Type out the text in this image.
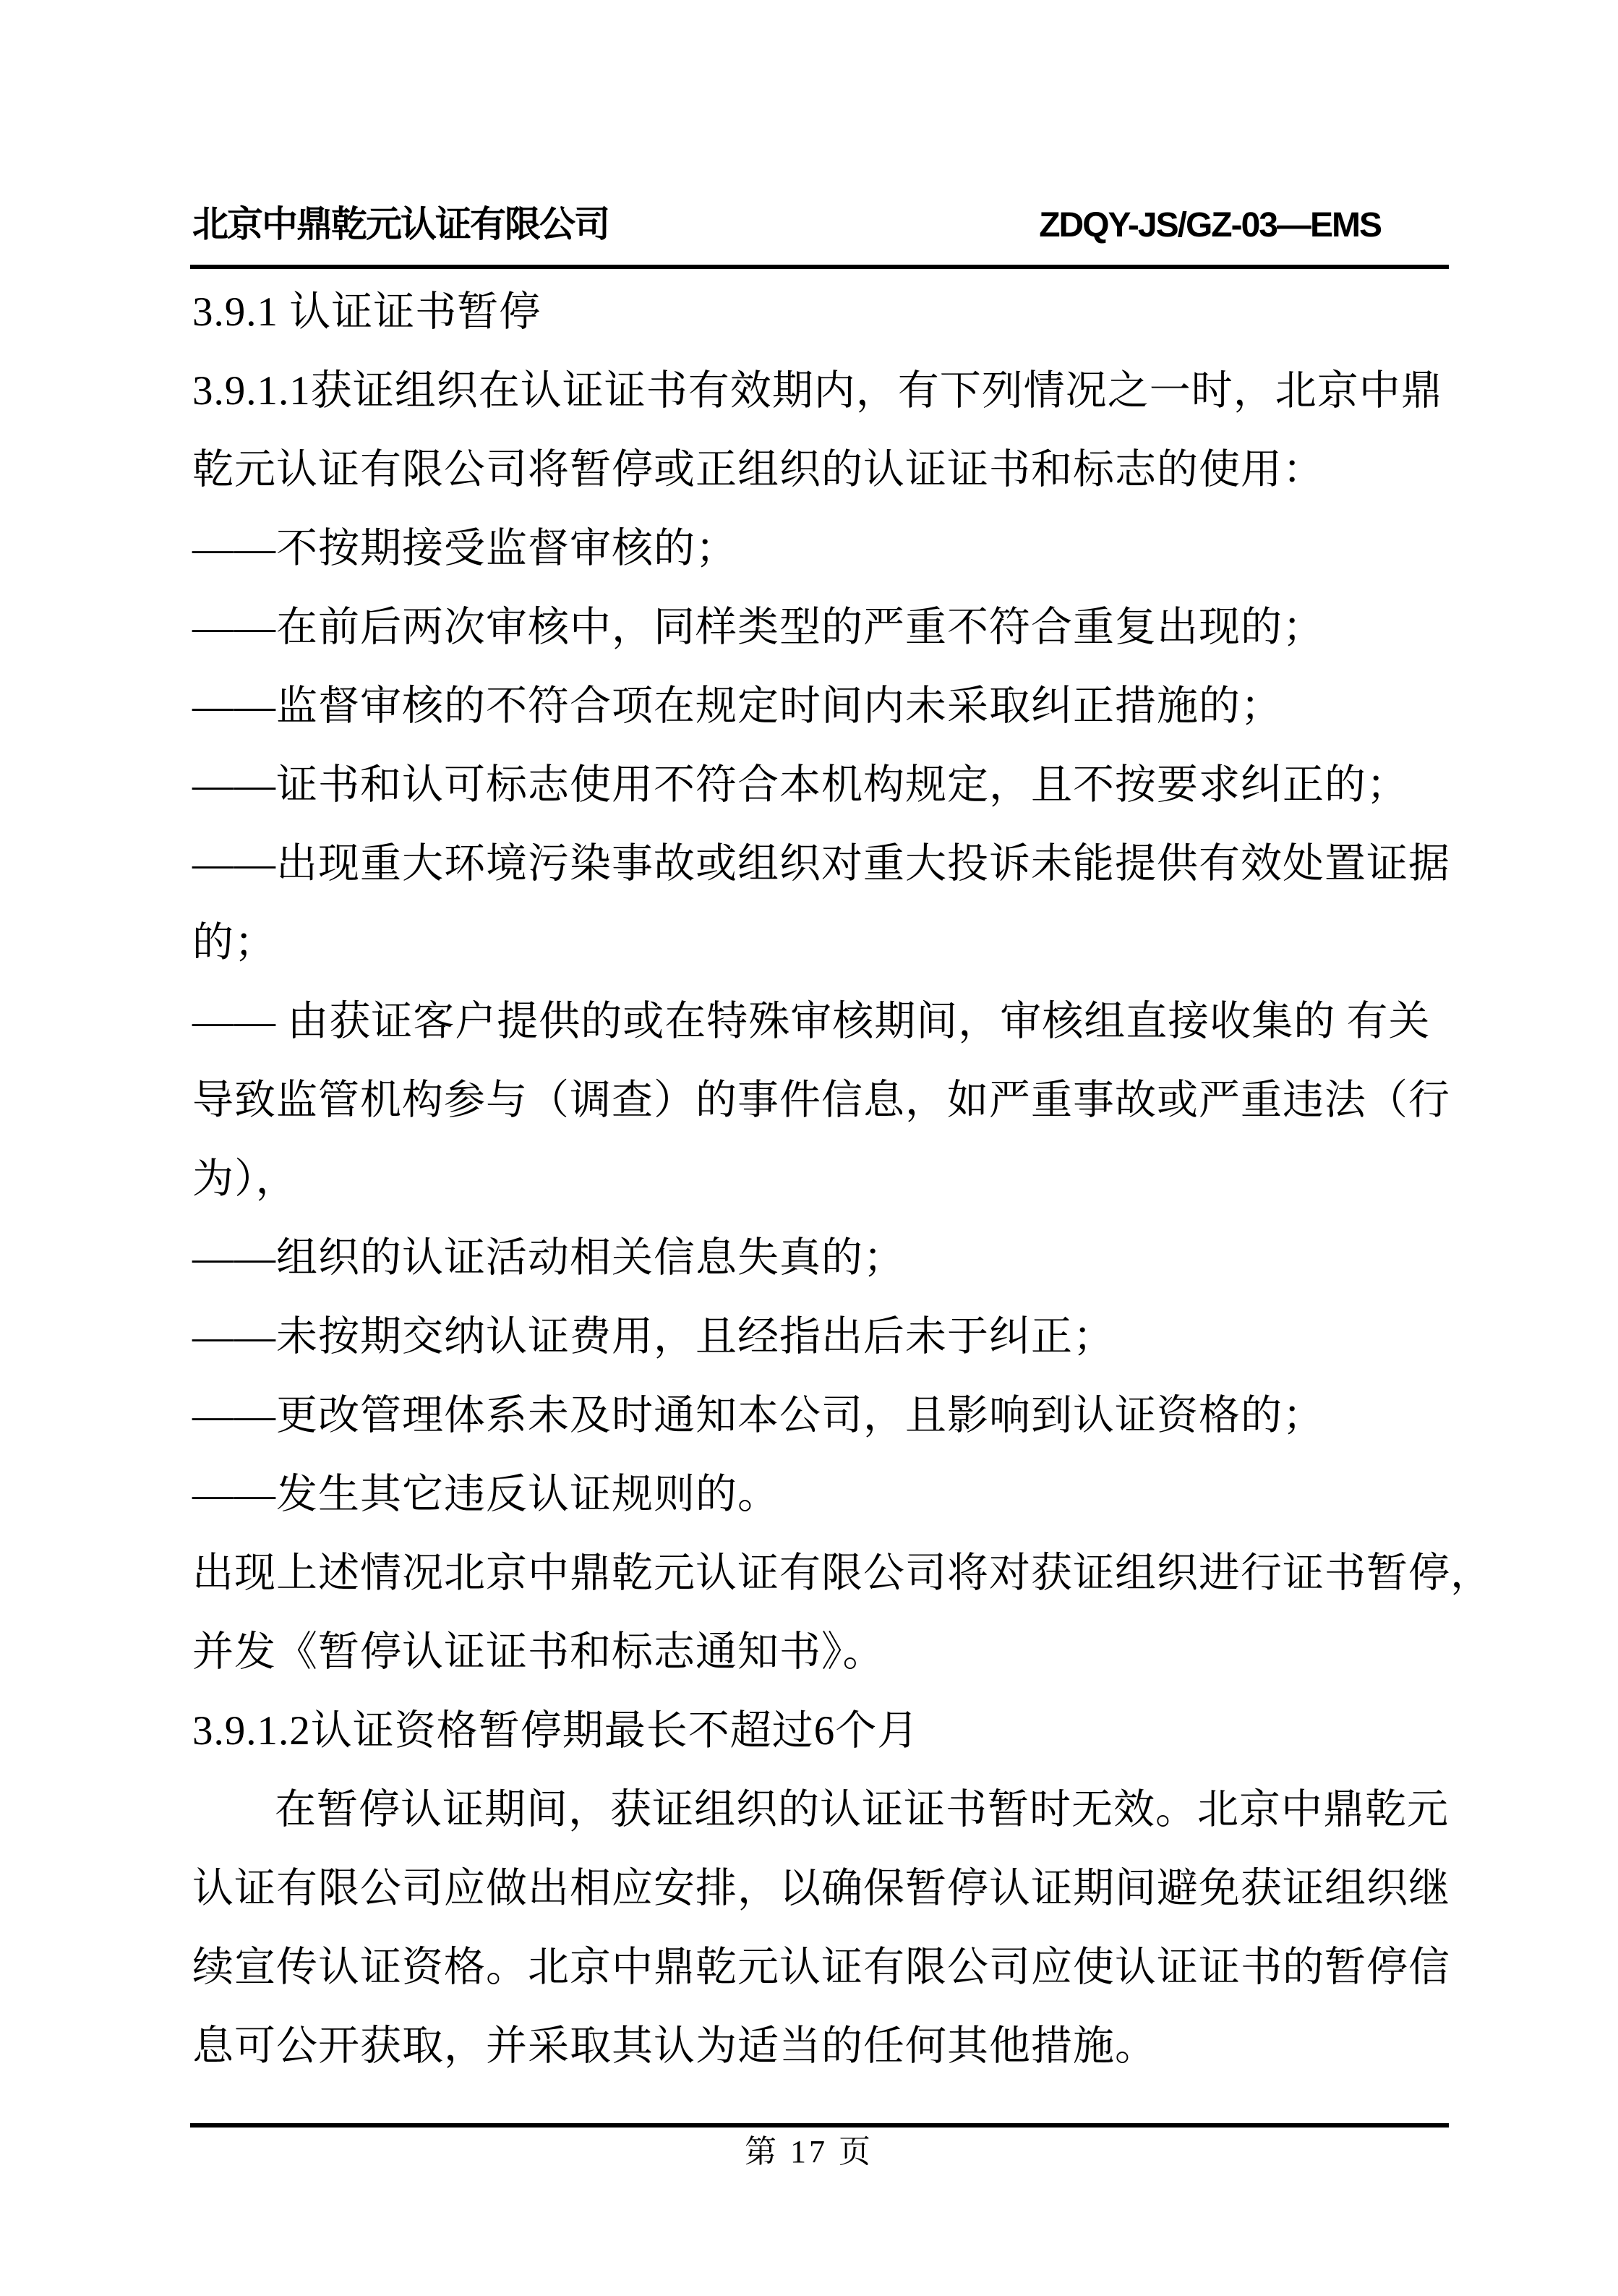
北京中鼎乾元认证有限公司	ZDQY-JS/GZ-03—EMS
3.9.1 认证证书暂停
3.9.1.1获证组织在认证证书有效期内，有下列情况之一时，北京中鼎
乾元认证有限公司将暂停或正组织的认证证书和标志的使用：
——不按期接受监督审核的；
——在前后两次审核中，同样类型的严重不符合重复出现的；
——监督审核的不符合项在规定时间内未采取纠正措施的；
——证书和认可标志使用不符合本机构规定，且不按要求纠正的；
——出现重大环境污染事故或组织对重大投诉未能提供有效处置证据
的；
—— 由获证客户提供的或在特殊审核期间，审核组直接收集的 有关
导致监管机构参与（调查）的事件信息，如严重事故或严重违法（行
为），
——组织的认证活动相关信息失真的；
——未按期交纳认证费用，且经指出后未于纠正；
——更改管理体系未及时通知本公司，且影响到认证资格的；
——发生其它违反认证规则的。
出现上述情况北京中鼎乾元认证有限公司将对获证组织进行证书暂停，
并发《暂停认证证书和标志通知书》。
3.9.1.2认证资格暂停期最长不超过6个月
在暂停认证期间，获证组织的认证证书暂时无效。北京中鼎乾元
认证有限公司应做出相应安排，以确保暂停认证期间避免获证组织继
续宣传认证资格。北京中鼎乾元认证有限公司应使认证证书的暂停信
息可公开获取，并采取其认为适当的任何其他措施。
第 17 页
